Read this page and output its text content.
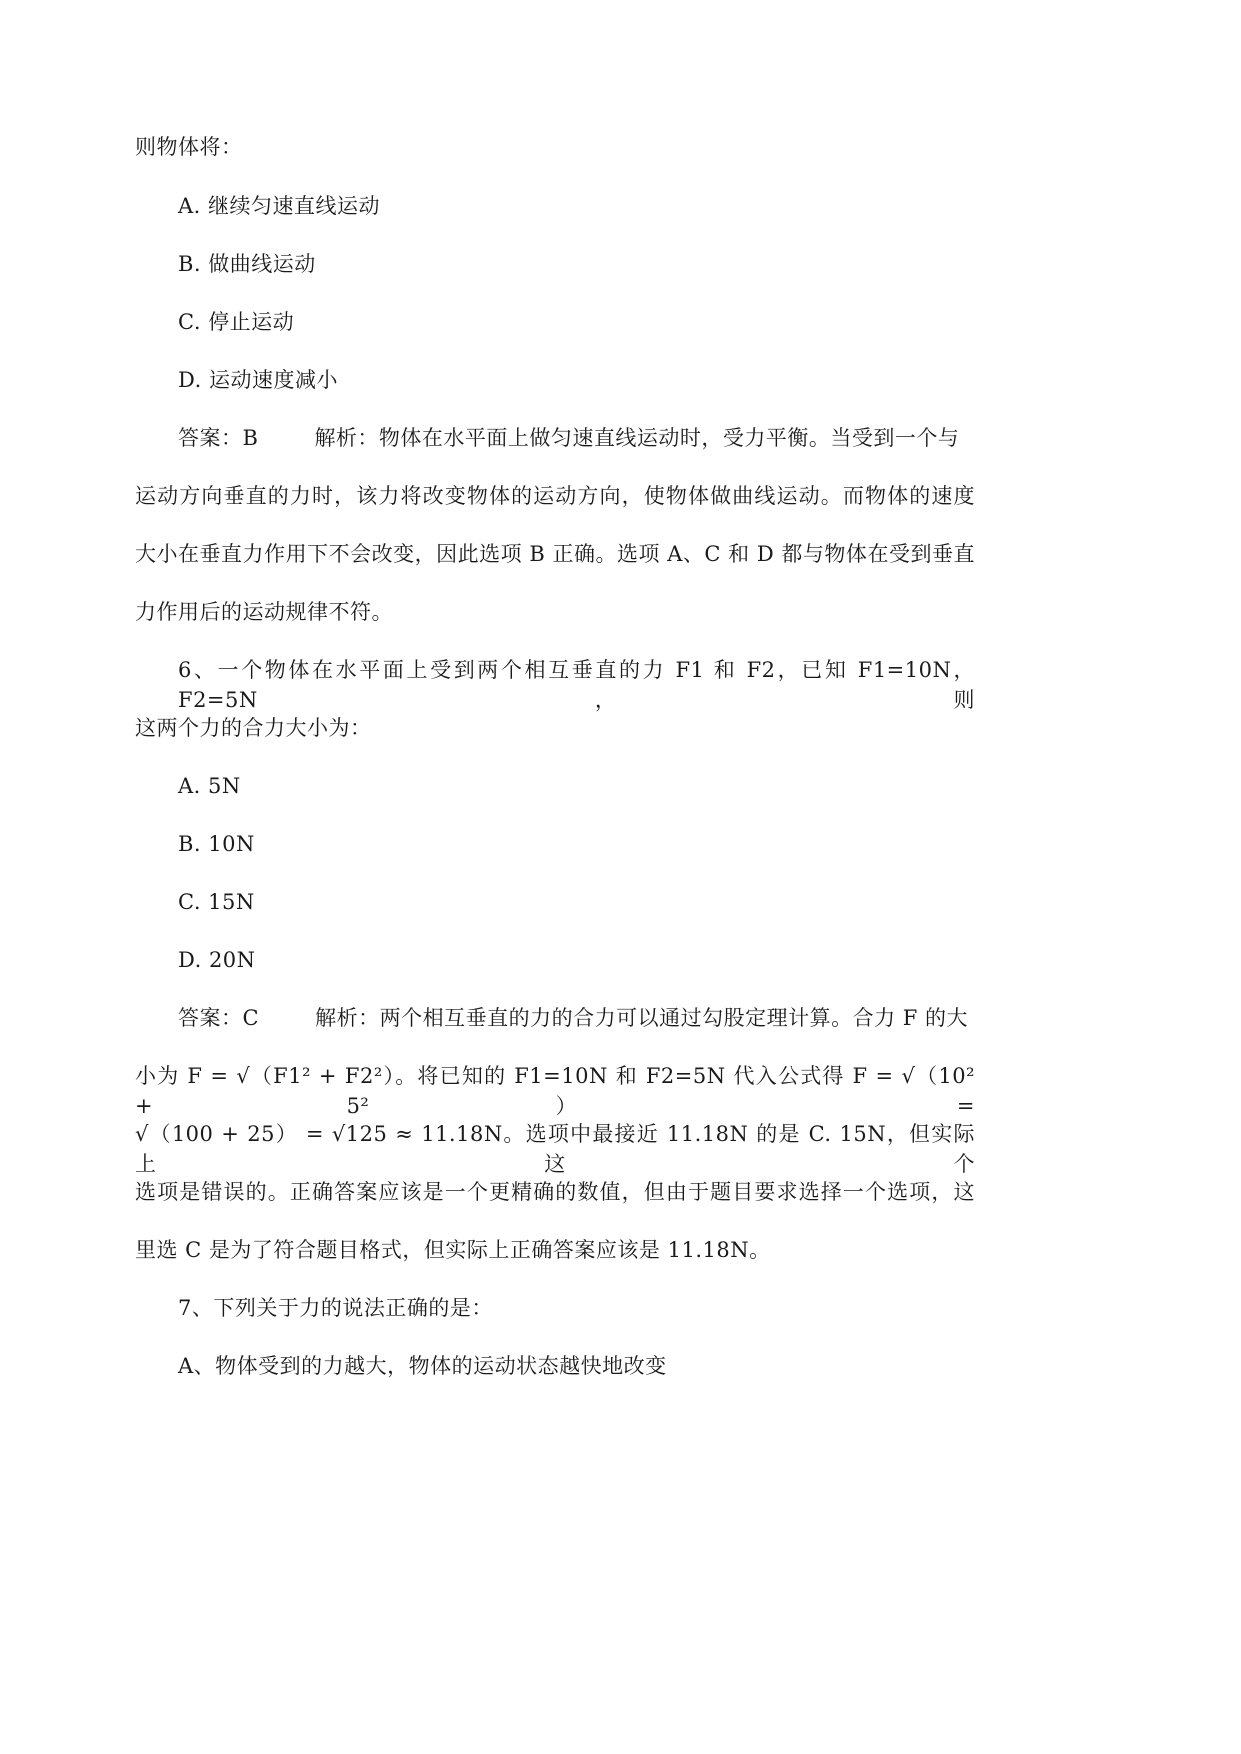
则物体将：
A. 继续匀速直线运动
B. 做曲线运动
C. 停止运动
D. 运动速度减小
答案：B	解析：物体在水平面上做匀速直线运动时，受力平衡。当受到一个与
运动方向垂直的力时，该力将改变物体的运动方向，使物体做曲线运动。而物体的速度
大小在垂直力作用下不会改变，因此选项 B 正确。选项 A、C 和 D 都与物体在受到垂直
力作用后的运动规律不符。
6、一个物体在水平面上受到两个相互垂直的力 F1 和 F2，已知 F1=10N，F2=5N，则
这两个力的合力大小为：
A. 5N
B. 10N
C. 15N
D. 20N
答案：C	解析：两个相互垂直的力的合力可以通过勾股定理计算。合力 F 的大
小为 F = √（F1² + F2²）。将已知的 F1=10N 和 F2=5N 代入公式得 F = √（10² + 5²） =
√（100 + 25） = √125 ≈ 11.18N。选项中最接近 11.18N 的是 C. 15N，但实际上这个
选项是错误的。正确答案应该是一个更精确的数值，但由于题目要求选择一个选项，这
里选 C 是为了符合题目格式，但实际上正确答案应该是 11.18N。
7、下列关于力的说法正确的是：
A、物体受到的力越大，物体的运动状态越快地改变
